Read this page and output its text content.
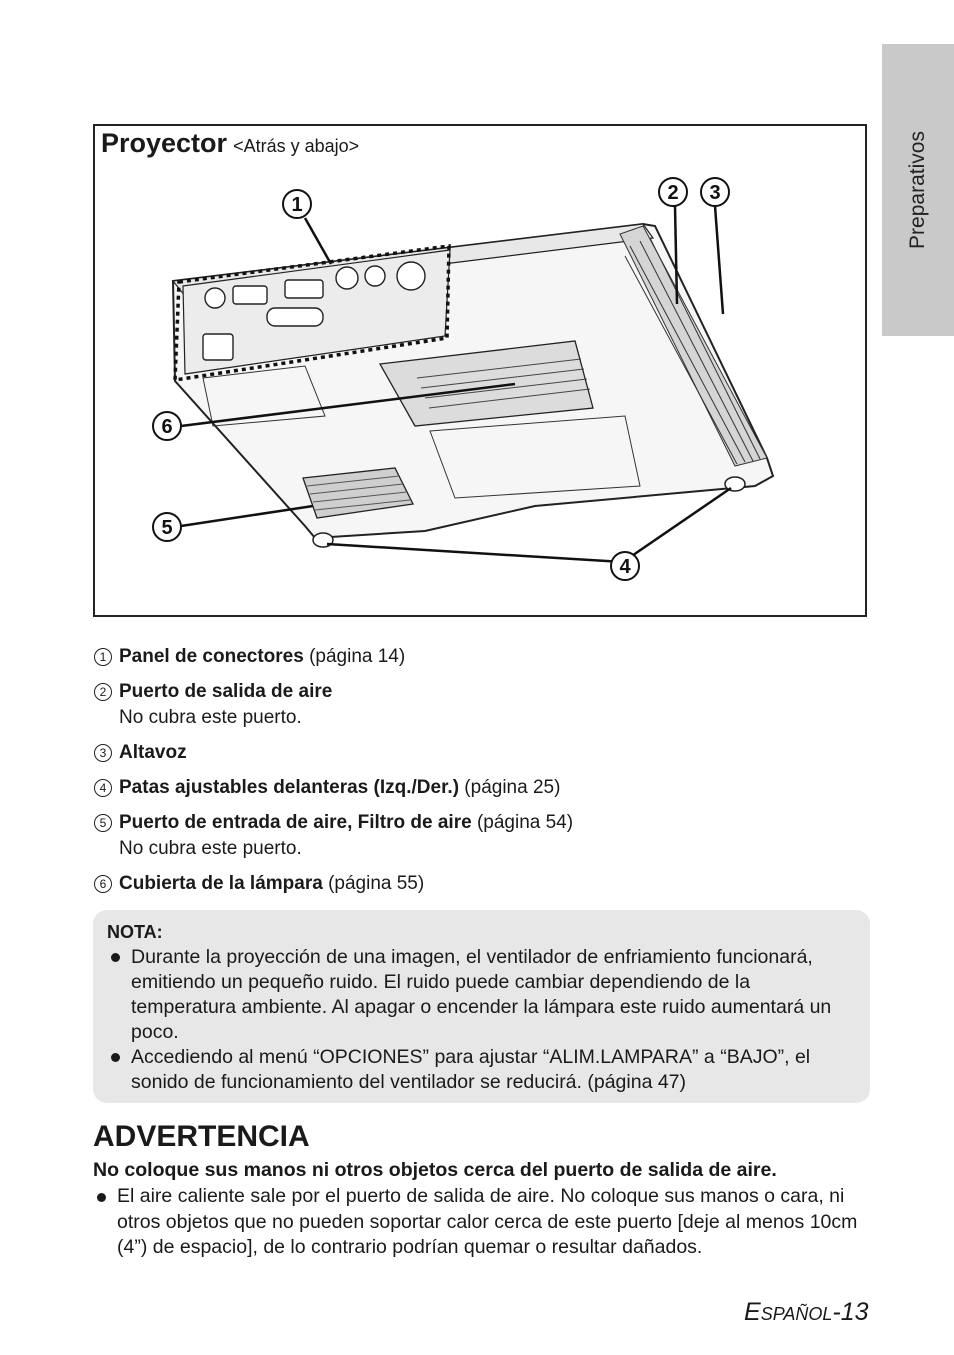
Preparativos
Proyector <Atrás y abajo>
1
2 3
4
5
6
1 Panel de conectores (página 14)
2 Puerto de salida de aire
No cubra este puerto.
3 Altavoz
4 Patas ajustables delanteras (Izq./Der.) (página 25)
5 Puerto de entrada de aire, Filtro de aire (página 54)
No cubra este puerto.
6 Cubierta de la lámpara (página 55)
NOTA:
Durante la proyección de una imagen, el ventilador de enfriamiento funcionará, emitiendo un pequeño ruido. El ruido puede cambiar dependiendo de la temperatura ambiente. Al apagar o encender la lámpara este ruido aumentará un poco.
Accediendo al menú “OPCIONES” para ajustar “ALIM.LAMPARA” a “BAJO”, el sonido de funcionamiento del ventilador se reducirá. (página 47)
ADVERTENCIA
No coloque sus manos ni otros objetos cerca del puerto de salida de aire.
El aire caliente sale por el puerto de salida de aire. No coloque sus manos o cara, ni otros objetos que no pueden soportar calor cerca de este puerto [deje al menos 10cm (4”) de espacio], de lo contrario podrían quemar o resultar dañados.
ESPAÑOL-13
